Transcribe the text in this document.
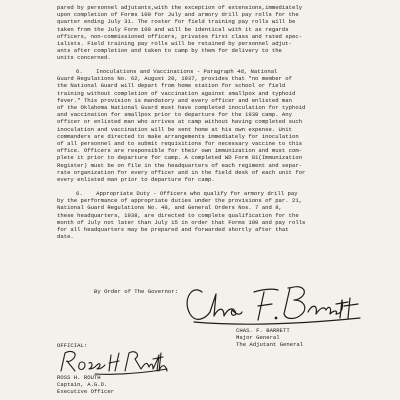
pared by personnel adjutants,with the exception of extensions,immediately
upon completion of Forms 100 for July and armory drill pay rolls for the
quarter ending July 31. The roster for field training pay rolls will be
taken from the July Form 100 and will be identical with it as regards
officers, non-commissioned officers, privates first class and rated spec-
ialists. Field training pay rolls will be retained by personnel adjut-
ants after completion and taken to camp by them for delivery to the
units concerned.
6.    Inoculations and Vaccinations - Paragraph 4d, National
Guard Regulations No. 62, August 20, 1937, provides that "no member of
the National Guard will depart from home station for school or field
training without completion of vaccination against smallpox and typhoid
fever." This provision is mandatory and every officer and enlisted man
of the Oklahoma National Guard must have completed inoculation for typhoid
and vaccination for smallpox prior to departure for the 1938 camp. Any
officer or enlisted man who arrives at camp without having completed such
inoculation and vaccination will be sent home at his own expense. Unit
commanders are directed to make arrangements immediately for inoculation
of all personnel and to submit requisitions for necessary vaccine to this
office. Officers are responsible for their own immunization and must com-
plete it prior to departure for camp. A completed WD Form 81(Immunization
Register) must be on file in the headquarters of each regiment and separ-
rate organization for every officer and in the field desk of each unit for
every enlisted man prior to departure for camp.
6.    Appropriate Duty - Officers who qualify for armory drill pay
by the performance of appropriate duties under the provisions of par. 21,
National Guard Regulations No. 48, and General Orders Nos. 7 and 8,
these headquarters, 1938, are directed to complete qualification for the
month of July not later than July 15 in order that Forms 100 and pay rolls
for all headquarters may be prepared and forwarded shortly after that
date.
By Order of The Governor:
CHAS. F. BARRETT
Major General
The Adjutant General
OFFICIAL:
ROSS H. ROUTH
Captain, A.G.D.
Executive Officer
